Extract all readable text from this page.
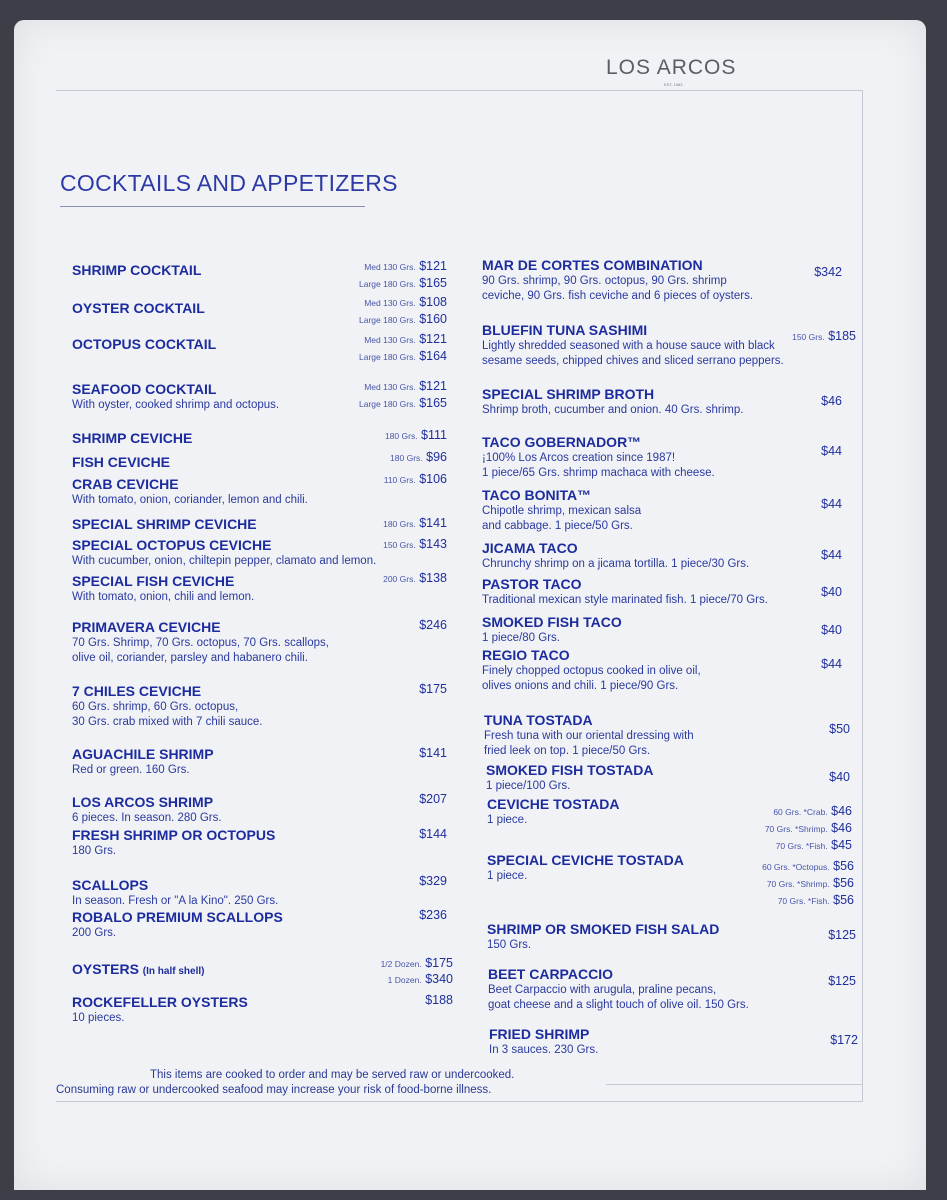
LOS ARCOS
EST. 1983
COCKTAILS AND APPETIZERS
SHRIMP COCKTAIL	Med 130 Grs. $121
Large 180 Grs. $165
OYSTER COCKTAIL	Med 130 Grs. $108
Large 180 Grs. $160
OCTOPUS COCKTAIL	Med 130 Grs. $121
Large 180 Grs. $164
SEAFOOD COCKTAIL
With oyster, cooked shrimp and octopus.
Med 130 Grs. $121
Large 180 Grs. $165
SHRIMP CEVICHE	180 Grs. $111
FISH CEVICHE	180 Grs. $96
CRAB CEVICHE
With tomato, onion, coriander, lemon and chili.
110 Grs. $106
SPECIAL SHRIMP CEVICHE	180 Grs. $141
SPECIAL OCTOPUS CEVICHE
With cucumber, onion, chiltepin pepper, clamato and lemon.
150 Grs. $143
SPECIAL FISH CEVICHE
With tomato, onion, chili and lemon.
200 Grs. $138
PRIMAVERA CEVICHE
70 Grs. Shrimp, 70 Grs. octopus, 70 Grs. scallops,
olive oil, coriander, parsley and habanero chili.
$246
7 CHILES CEVICHE
60 Grs. shrimp, 60 Grs. octopus,
30 Grs. crab mixed with 7 chili sauce.
$175
AGUACHILE SHRIMP
Red or green. 160 Grs.
$141
LOS ARCOS SHRIMP
6 pieces. In season. 280 Grs.
$207
FRESH SHRIMP OR OCTOPUS
180 Grs.
$144
SCALLOPS
In season. Fresh or "A la Kino". 250 Grs.
$329
ROBALO PREMIUM SCALLOPS
200 Grs.
$236
OYSTERS (In half shell)
1/2 Dozen. $175
1 Dozen. $340
ROCKEFELLER OYSTERS
10 pieces.
$188
MAR DE CORTES COMBINATION
90 Grs. shrimp, 90 Grs. octopus, 90 Grs. shrimp
ceviche, 90 Grs. fish ceviche and 6 pieces of oysters.
$342
BLUEFIN TUNA SASHIMI
Lightly shredded seasoned with a house sauce with black
sesame seeds, chipped chives and sliced serrano peppers.
150 Grs. $185
SPECIAL SHRIMP BROTH
Shrimp broth, cucumber and onion. 40 Grs. shrimp.
$46
TACO GOBERNADOR™
¡100% Los Arcos creation since 1987!
1 piece/65 Grs. shrimp machaca with cheese.
$44
TACO BONITA™
Chipotle shrimp, mexican salsa
and cabbage. 1 piece/50 Grs.
$44
JICAMA TACO
Chrunchy shrimp on a jicama tortilla. 1 piece/30 Grs.
$44
PASTOR TACO
Traditional mexican style marinated fish. 1 piece/70 Grs.
$40
SMOKED FISH TACO
1 piece/80 Grs.
$40
REGIO TACO
Finely chopped octopus cooked in olive oil,
olives onions and chili. 1 piece/90 Grs.
$44
TUNA TOSTADA
Fresh tuna with our oriental dressing with
fried leek on top. 1 piece/50 Grs.
$50
SMOKED FISH TOSTADA
1 piece/100 Grs.
$40
CEVICHE TOSTADA
1 piece.
60 Grs. *Crab. $46
70 Grs. *Shrimp. $46
70 Grs. *Fish. $45
SPECIAL CEVICHE TOSTADA
1 piece.
60 Grs. *Octopus. $56
70 Grs. *Shrimp. $56
70 Grs. *Fish. $56
SHRIMP OR SMOKED FISH SALAD
150 Grs.
$125
BEET CARPACCIO
Beet Carpaccio with arugula, praline pecans,
goat cheese and a slight touch of olive oil. 150 Grs.
$125
FRIED SHRIMP
In 3 sauces. 230 Grs.
$172
This items are cooked to order and may be served raw or undercooked.
Consuming raw or undercooked seafood may increase your risk of food-borne illness.
